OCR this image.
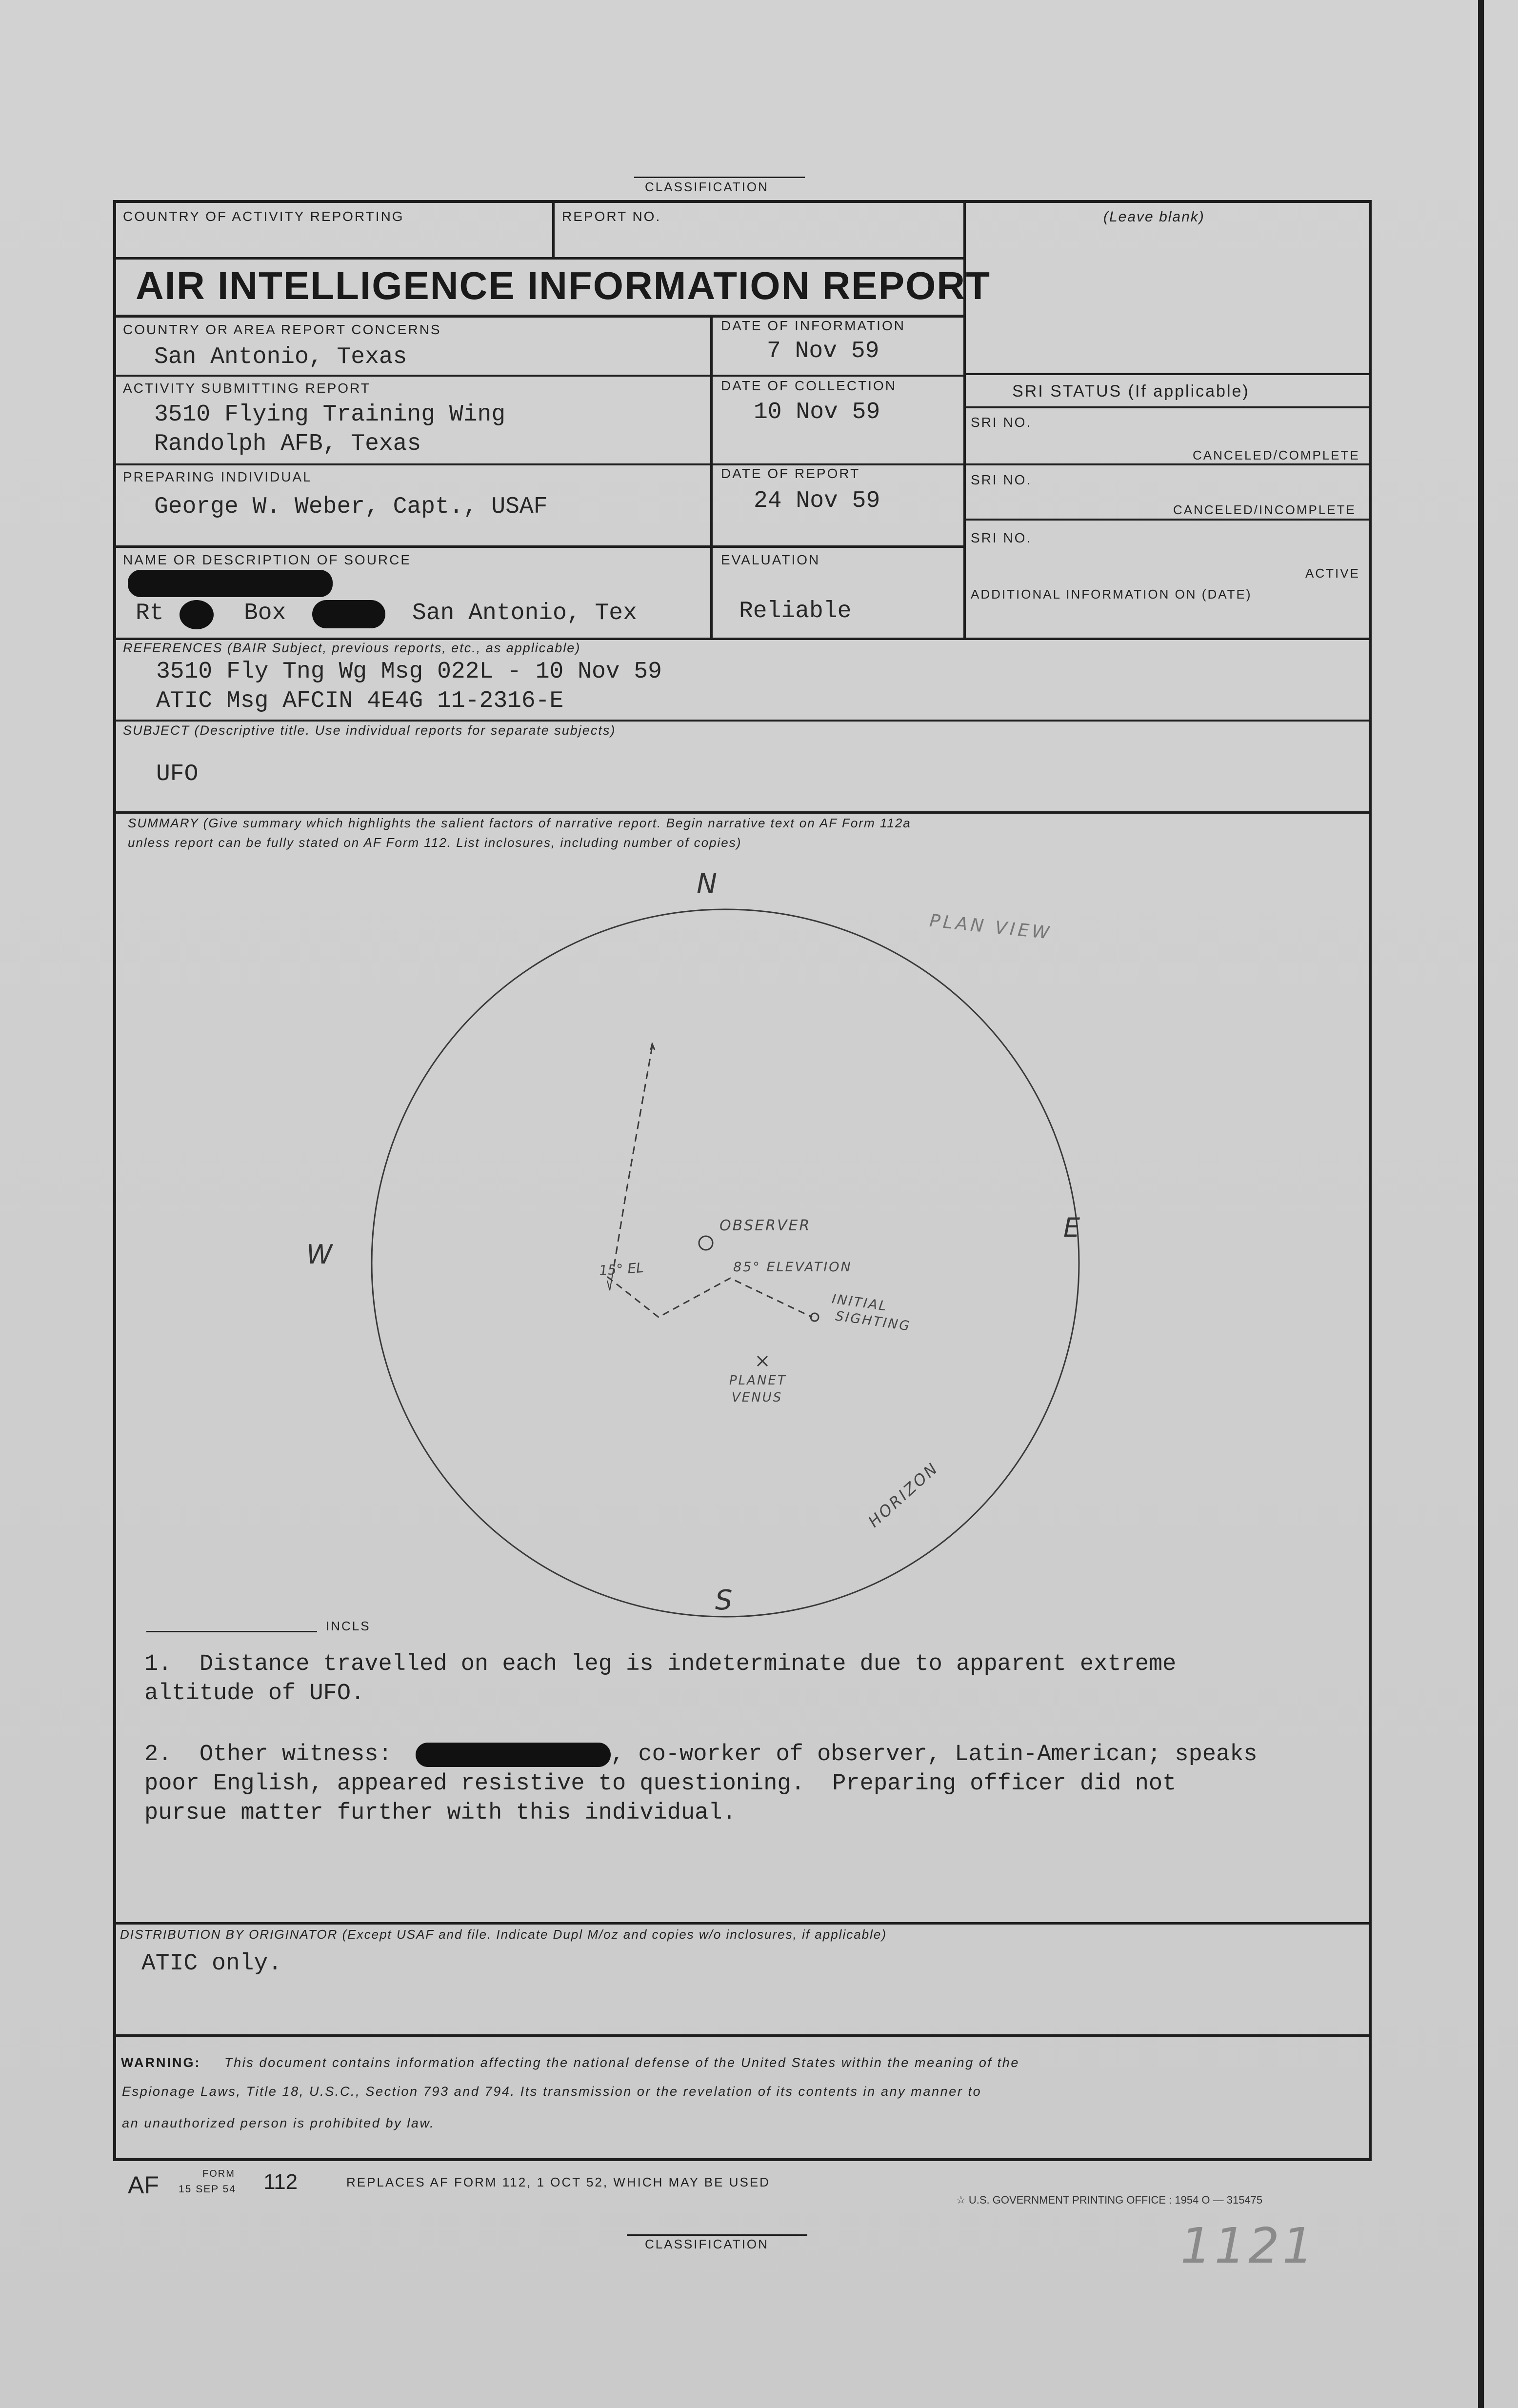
CLASSIFICATION
COUNTRY OF ACTIVITY REPORTING	REPORT NO.	(Leave blank)
AIR INTELLIGENCE INFORMATION REPORT
COUNTRY OR AREA REPORT CONCERNS
San Antonio, Texas
DATE OF INFORMATION
7 Nov 59
ACTIVITY SUBMITTING REPORT
3510 Flying Training Wing
Randolph AFB, Texas
DATE OF COLLECTION
10 Nov 59
PREPARING INDIVIDUAL
George W. Weber, Capt., USAF
DATE OF REPORT
24 Nov 59
NAME OR DESCRIPTION OF SOURCE
Rt	Box	San Antonio, Tex
EVALUATION
Reliable
SRI STATUS (If applicable)
SRI NO.
CANCELED/COMPLETE
SRI NO.
CANCELED/INCOMPLETE
SRI NO.
ACTIVE
ADDITIONAL INFORMATION ON (DATE)
REFERENCES (BAIR Subject, previous reports, etc., as applicable)
3510 Fly Tng Wg Msg 022L - 10 Nov 59
ATIC Msg AFCIN 4E4G 11-2316-E
SUBJECT (Descriptive title. Use individual reports for separate subjects)
UFO
SUMMARY (Give summary which highlights the salient factors of narrative report. Begin narrative text on AF Form 112a
unless report can be fully stated on AF Form 112. List inclosures, including number of copies)
N
S
E
W
PLAN VIEW
OBSERVER
15° EL	85° ELEVATION
INITIAL
SIGHTING
PLANET
VENUS
HORIZON
INCLS
1.  Distance travelled on each leg is indeterminate due to apparent extreme
altitude of UFO.
2.  Other witness:	, co-worker of observer, Latin-American; speaks
poor English, appeared resistive to questioning.  Preparing officer did not
pursue matter further with this individual.
DISTRIBUTION BY ORIGINATOR (Except USAF and file. Indicate Dupl M/oz and copies w/o inclosures, if applicable)
ATIC only.
WARNING: This document contains information affecting the national defense of the United States within the meaning of the
Espionage Laws, Title 18, U.S.C., Section 793 and 794. Its transmission or the revelation of its contents in any manner to
an unauthorized person is prohibited by law.
AF	FORM
15 SEP 54 112	REPLACES AF FORM 112, 1 OCT 52, WHICH MAY BE USED
☆ U.S. GOVERNMENT PRINTING OFFICE : 1954 O — 315475
CLASSIFICATION	1121
